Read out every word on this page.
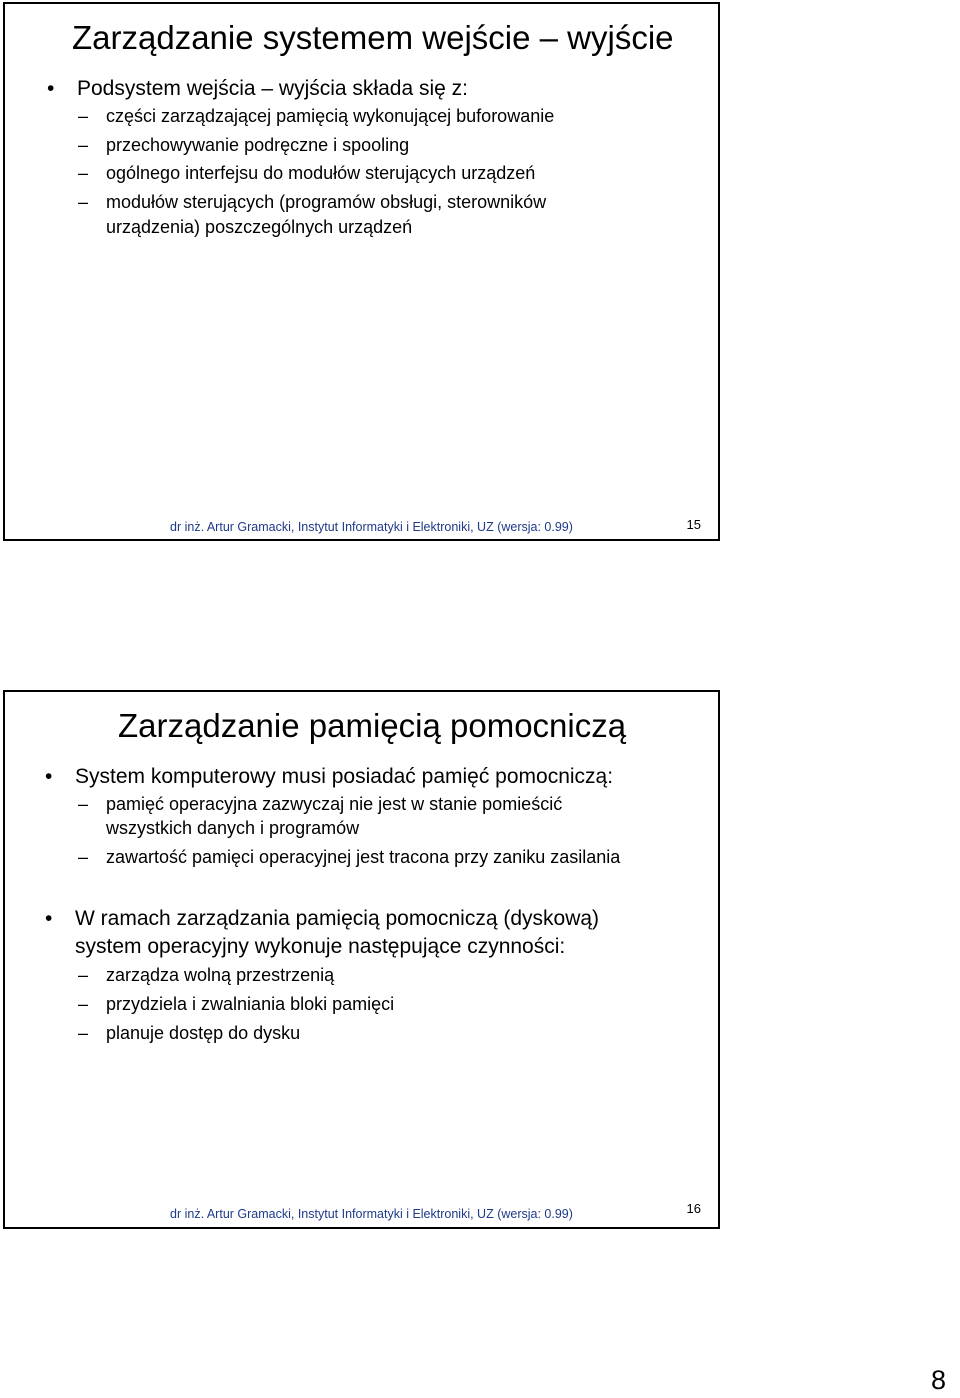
Zarządzanie systemem wejście – wyjście
• Podsystem wejścia – wyjścia składa się z:
– części zarządzającej pamięcią wykonującej buforowanie
– przechowywanie podręczne i spooling
– ogólnego interfejsu do modułów sterujących urządzeń
– modułów sterujących (programów obsługi, sterowników
urządzenia) poszczególnych urządzeń
dr inż. Artur Gramacki, Instytut Informatyki i Elektroniki, UZ (wersja: 0.99)	15
Zarządzanie pamięcią pomocniczą
• System komputerowy musi posiadać pamięć pomocniczą:
– pamięć operacyjna zazwyczaj nie jest w stanie pomieścić
wszystkich danych i programów
– zawartość pamięci operacyjnej jest tracona przy zaniku zasilania
• W ramach zarządzania pamięcią pomocniczą (dyskową)
system operacyjny wykonuje następujące czynności:
– zarządza wolną przestrzenią
– przydziela i zwalniania bloki pamięci
– planuje dostęp do dysku
dr inż. Artur Gramacki, Instytut Informatyki i Elektroniki, UZ (wersja: 0.99)	16
8
